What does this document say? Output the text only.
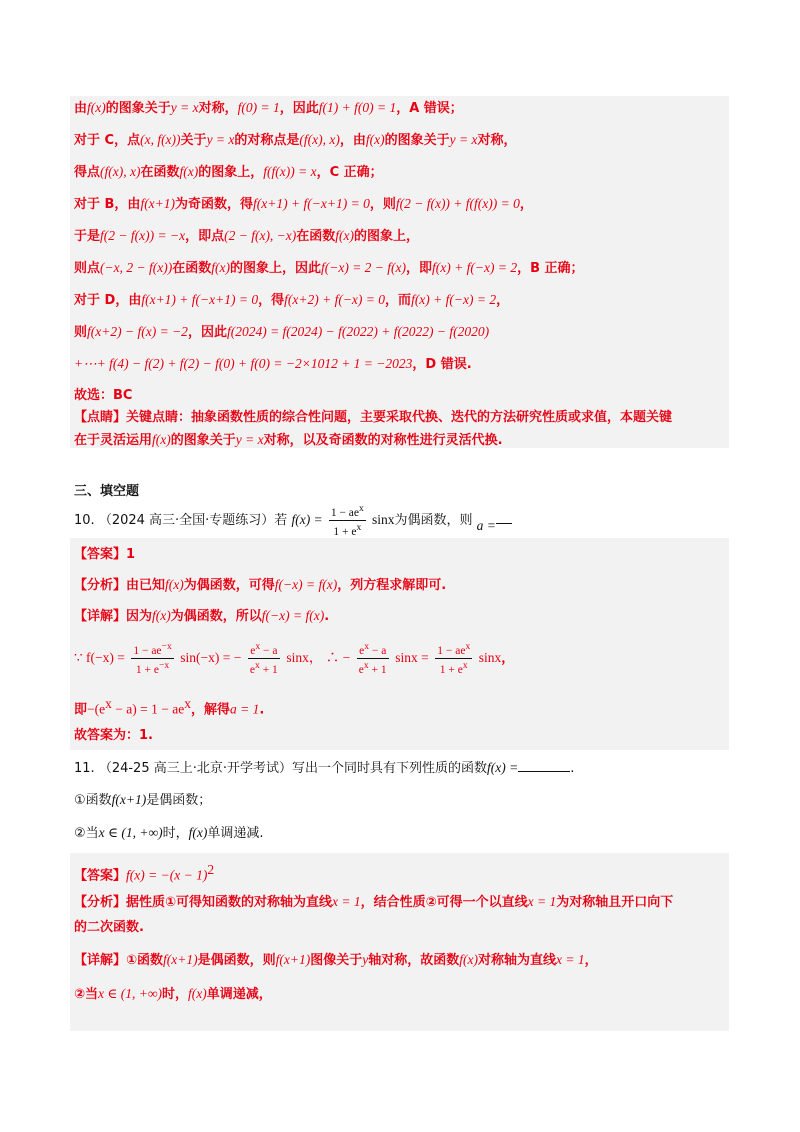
由f(x)的图象关于y = x对称，f(0) = 1，因此f(1) + f(0) = 1，A 错误；
对于 C，点(x, f(x))关于y = x的对称点是(f(x), x)，由f(x)的图象关于y = x对称，
得点(f(x), x)在函数f(x)的图象上，f(f(x)) = x，C 正确；
对于 B，由f(x+1)为奇函数，得f(x+1) + f(−x+1) = 0，则f(2 − f(x)) + f(f(x)) = 0，
于是f(2 − f(x)) = −x，即点(2 − f(x), −x)在函数f(x)的图象上，
则点(−x, 2 − f(x))在函数f(x)的图象上，因此f(−x) = 2 − f(x)，即f(x) + f(−x) = 2，B 正确；
对于 D，由f(x+1) + f(−x+1) = 0，得f(x+2) + f(−x) = 0，而f(x) + f(−x) = 2，
则f(x+2) − f(x) = −2，因此f(2024) = f(2024) − f(2022) + f(2022) − f(2020)
+⋯+ f(4) − f(2) + f(2) − f(0) + f(0) = −2×1012 + 1 = −2023，D 错误.
故选：BC
【点睛】关键点睛：抽象函数性质的综合性问题，主要采取代换、迭代的方法研究性质或求值，本题关键
在于灵活运用f(x)的图象关于y = x对称，以及奇函数的对称性进行灵活代换.
三、填空题
10. （2024 高三·全国·专题练习）若 $f(x) = \frac{1 - ae^x}{1 + e^x}$ sinx为偶函数，则 a =
【答案】1
【分析】由已知f(x)为偶函数，可得f(−x) = f(x)，列方程求解即可.
【详解】因为f(x)为偶函数，所以f(−x) = f(x).
∵ $f(-x) = \frac{1 - ae^{-x}}{1 + e^{-x}} \sin(-x)$ = − $\frac{e^x - a}{e^x + 1}$ sinx， ∴ − $\frac{e^x - a}{e^x + 1}$ $\sin x = \frac{1 - ae^x}{1 + e^x}$ sinx，
即$-(e^x - a) = 1 - ae^x$，解得a = 1.
故答案为：1.
11. （24-25 高三上·北京·开学考试）写出一个同时具有下列性质的函数f(x) =	.
①函数f(x+1)是偶函数；
②当x ∈ (1, +∞)时，f(x)单调递减.
【答案】$f(x) = -(x - 1)^2$
【分析】据性质①可得知函数的对称轴为直线x = 1，结合性质②可得一个以直线x = 1为对称轴且开口向下
的二次函数.
【详解】①函数f(x+1)是偶函数，则f(x+1)图像关于y轴对称，故函数f(x)对称轴为直线x = 1，
②当x ∈ (1, +∞)时，f(x)单调递减，
